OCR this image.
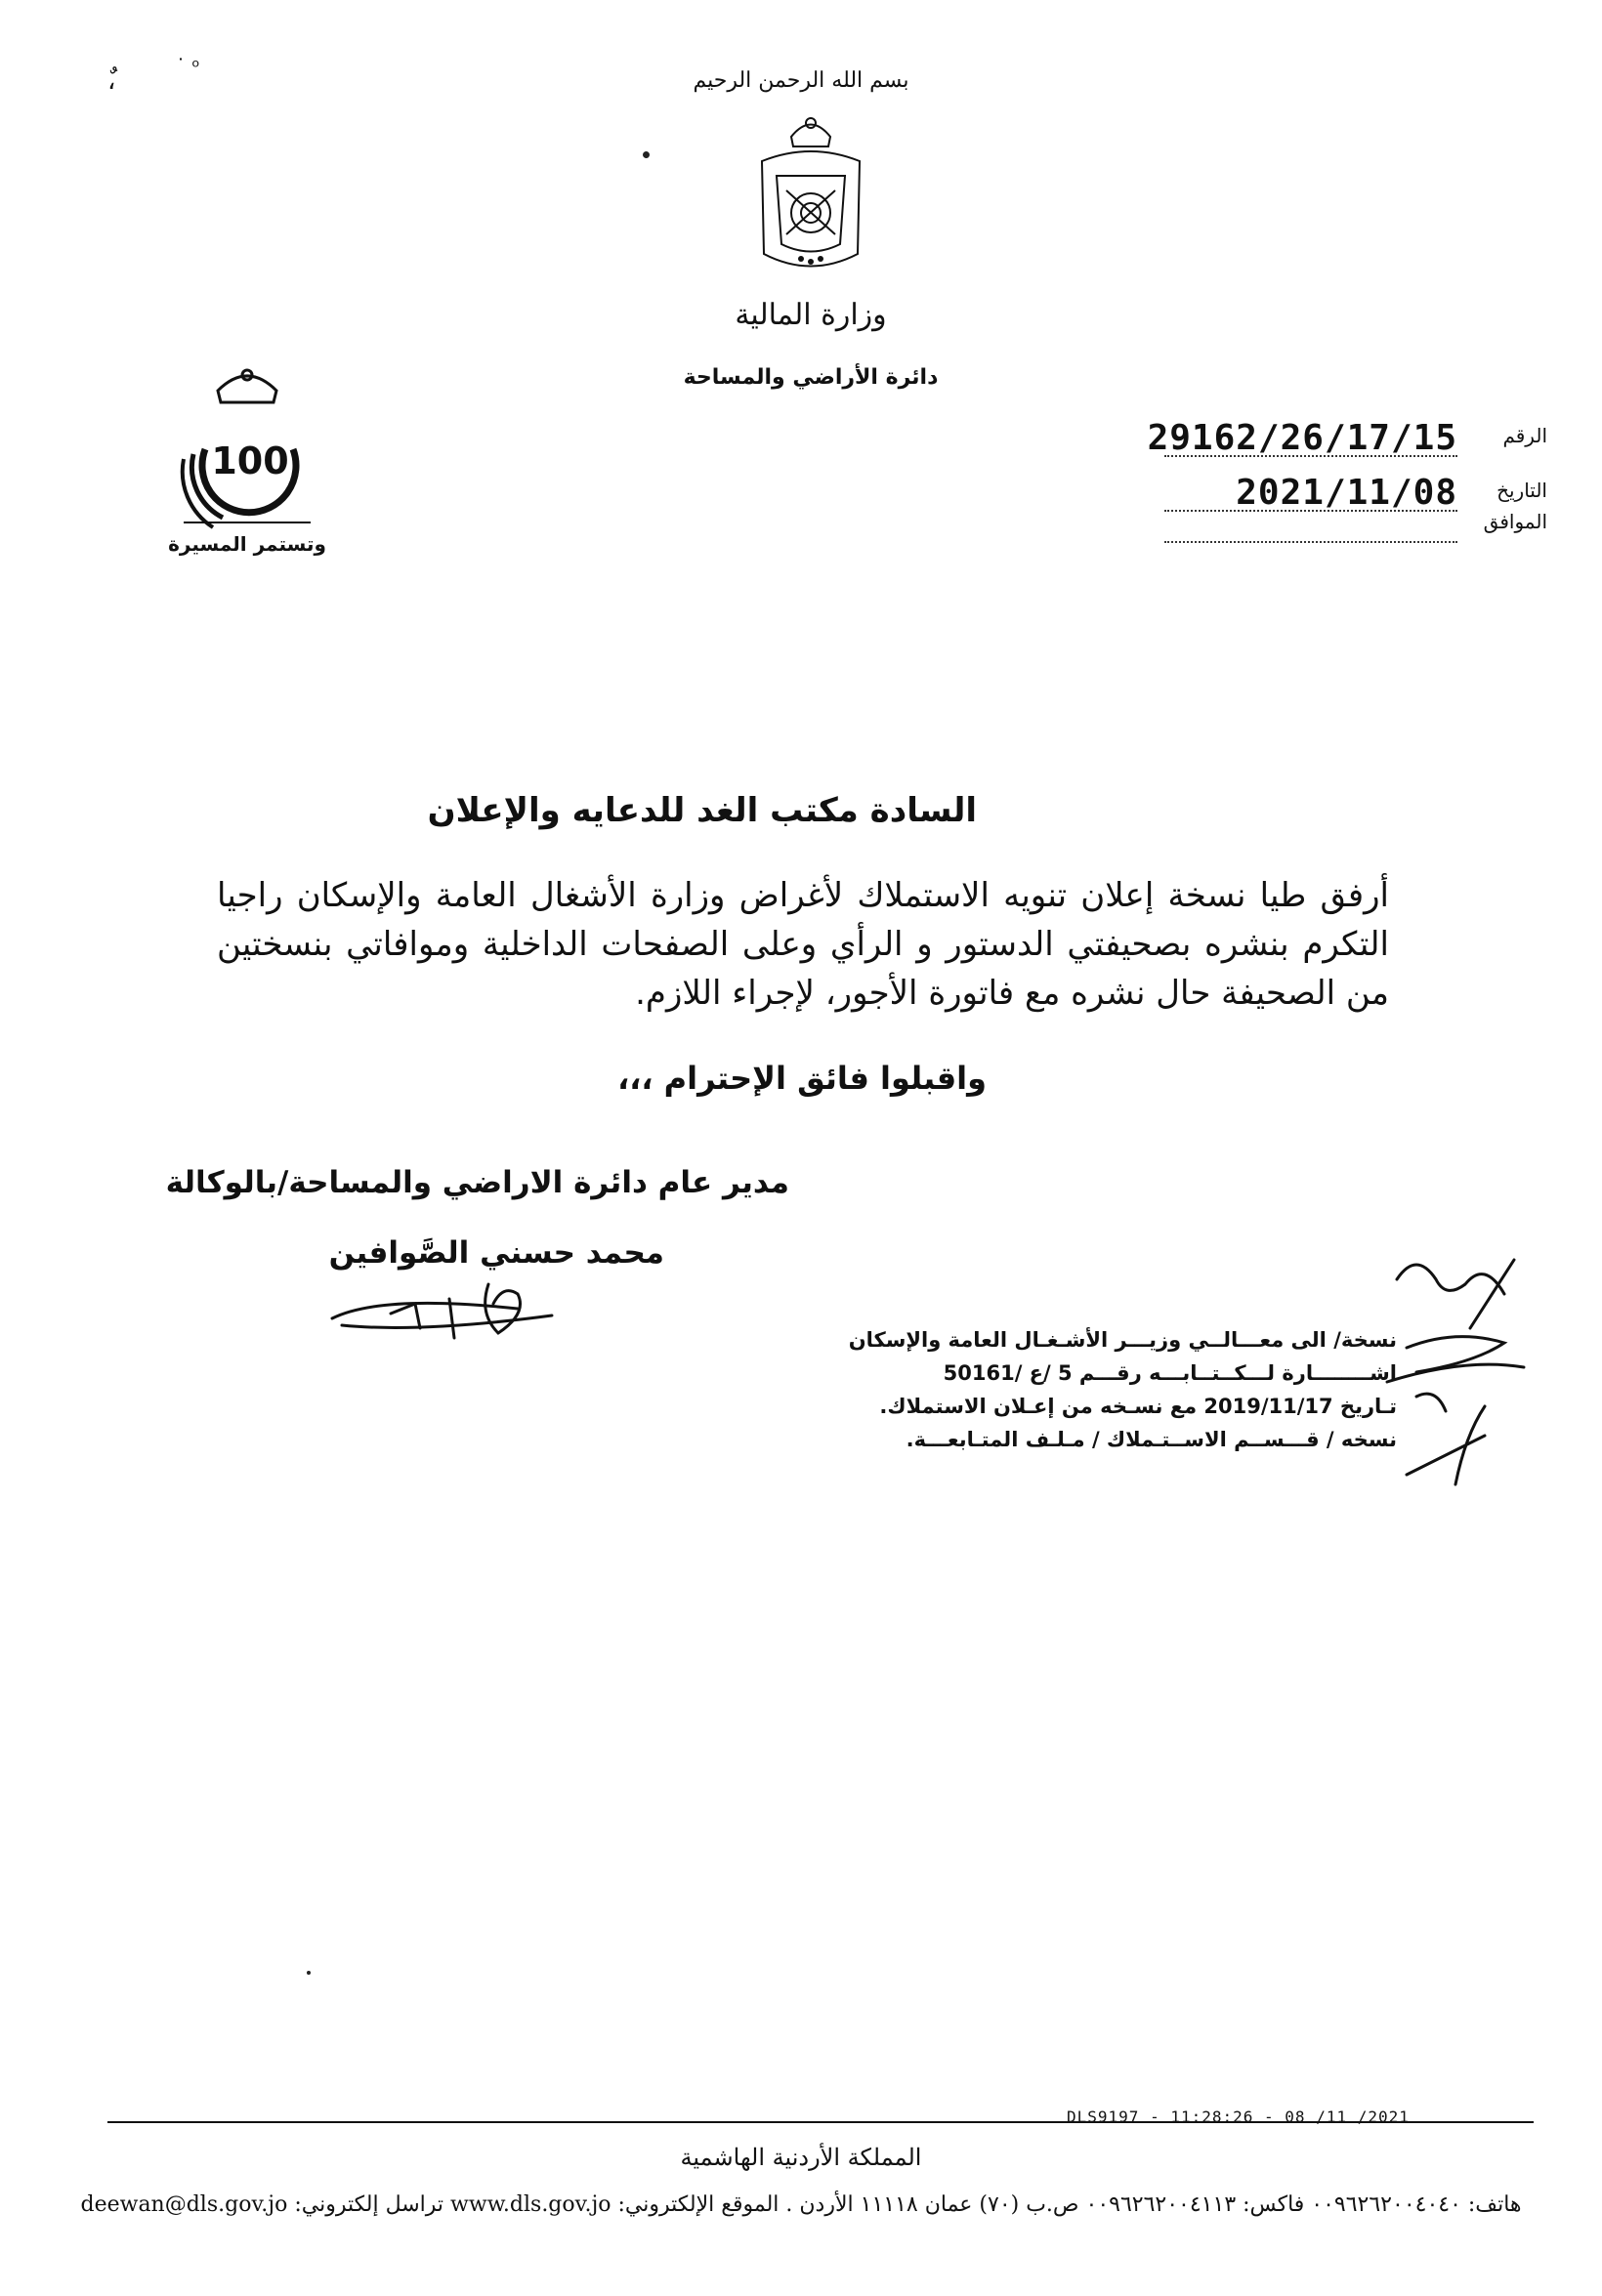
،ٌ	˙ ᵒ
بسم الله الرحمن الرحيم
وزارة المالية
دائرة الأراضي والمساحة
100
وتستمر المسيرة
الرقم
29162/26/17/15
التاريخ
2021/11/08
الموافق
السادة مكتب الغد للدعايه والإعلان
أرفق طيا نسخة إعلان تنويه الاستملاك لأغراض وزارة الأشغال العامة والإسكان راجيا التكرم بنشره بصحيفتي الدستور و الرأي وعلى الصفحات الداخلية وموافاتي بنسختين من الصحيفة حال نشره مع فاتورة الأجور، لإجراء اللازم.
واقبلوا فائق الإحترام ،،،
مدير عام دائرة الاراضي والمساحة/بالوكالة
محمد حسني الصَّوافين
نسخة/ الى معـــالــي وزيـــر الأشـغـال العامة والإسكان
اشــــــــارة لـــكــتــابـــه رقـــم 5 /ع /50161
تـاريخ 2019/11/17 مع نسـخه من إعـلان الاستملاك.
نسخه / قـــســم الاســتـملاك / مـلـف المتـابعـــة.
DLS9197 - 11:28:26 - 08 /11 /2021
المملكة الأردنية الهاشمية
هاتف: ٠٠٩٦٢٦٢٠٠٤٠٤٠ فاكس: ٠٠٩٦٢٦٢٠٠٤١١٣ ص.ب (٧٠) عمان ١١١١٨ الأردن . الموقع الإلكتروني: www.dls.gov.jo تراسل إلكتروني: deewan@dls.gov.jo
